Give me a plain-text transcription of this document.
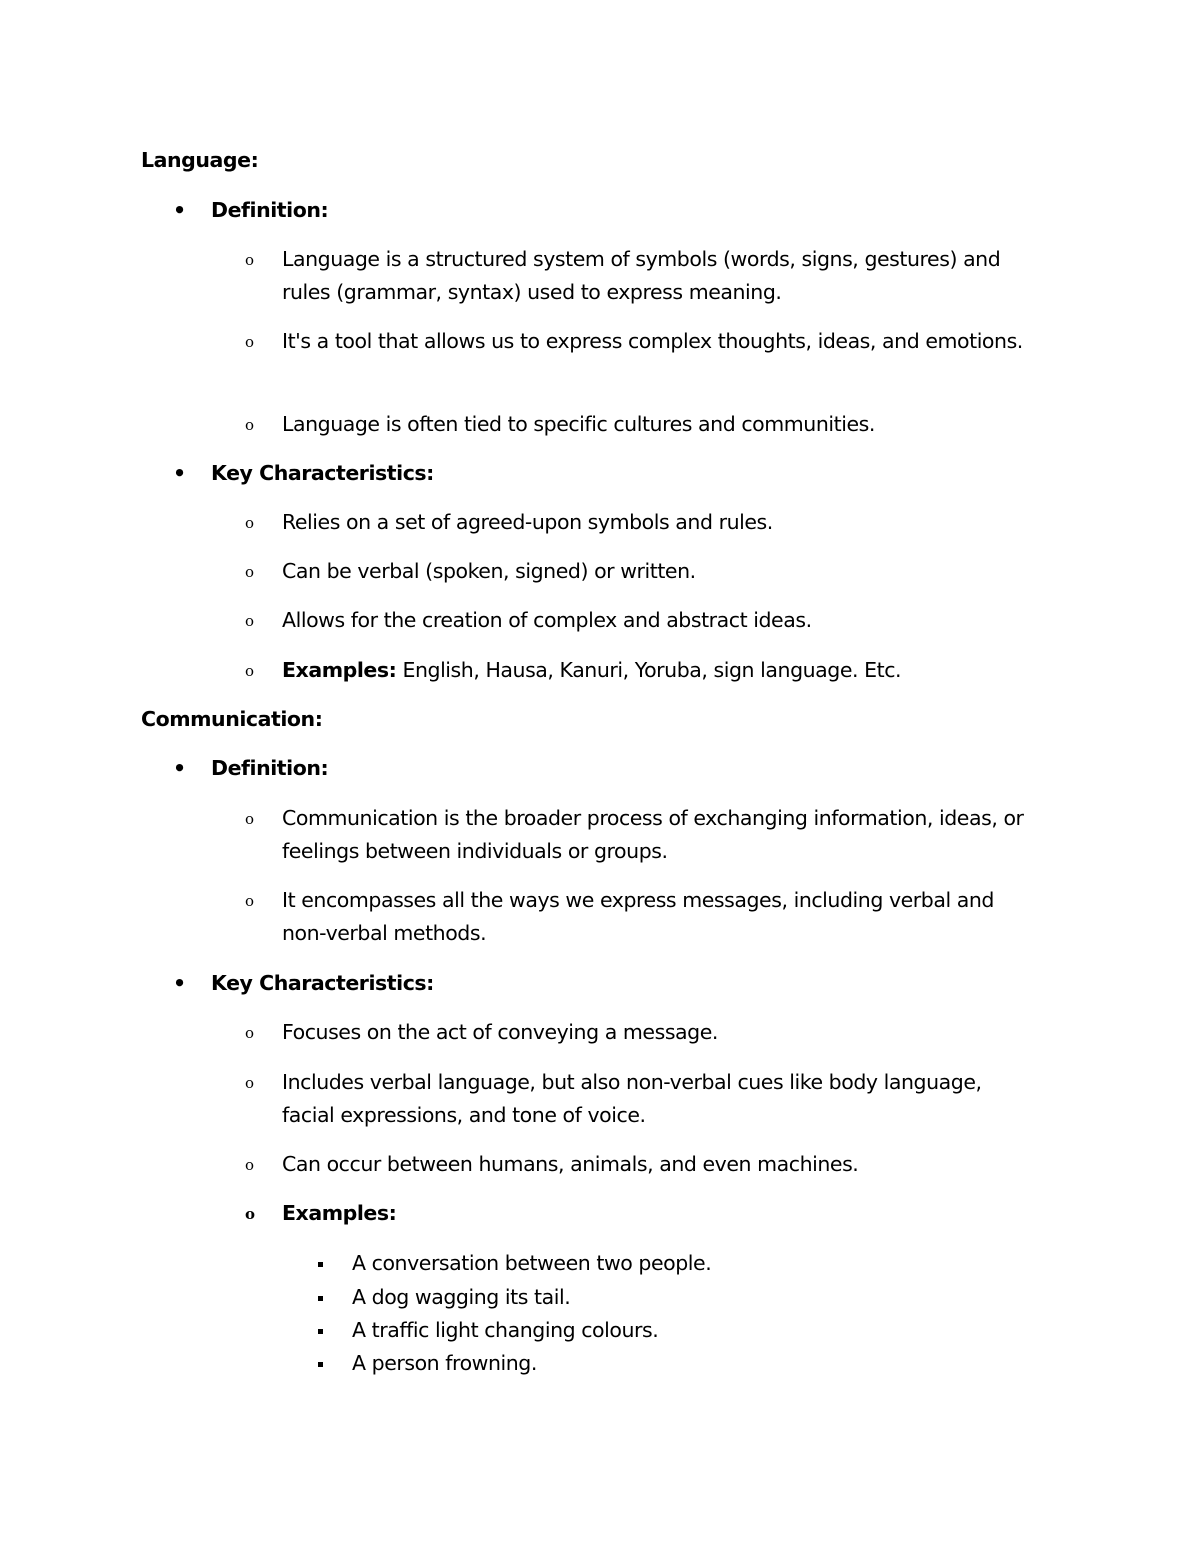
Language:
• Definition:
o Language is a structured system of symbols (words, signs, gestures) and rules (grammar, syntax) used to express meaning.
o It's a tool that allows us to express complex thoughts, ideas, and emotions.
o Language is often tied to specific cultures and communities.
• Key Characteristics:
o Relies on a set of agreed-upon symbols and rules.
o Can be verbal (spoken, signed) or written.
o Allows for the creation of complex and abstract ideas.
o Examples: English, Hausa, Kanuri, Yoruba, sign language. Etc.
Communication:
• Definition:
o Communication is the broader process of exchanging information, ideas, or feelings between individuals or groups.
o It encompasses all the ways we express messages, including verbal and non-verbal methods.
• Key Characteristics:
o Focuses on the act of conveying a message.
o Includes verbal language, but also non-verbal cues like body language, facial expressions, and tone of voice.
o Can occur between humans, animals, and even machines.
o Examples:
A conversation between two people.
A dog wagging its tail.
A traffic light changing colours.
A person frowning.
